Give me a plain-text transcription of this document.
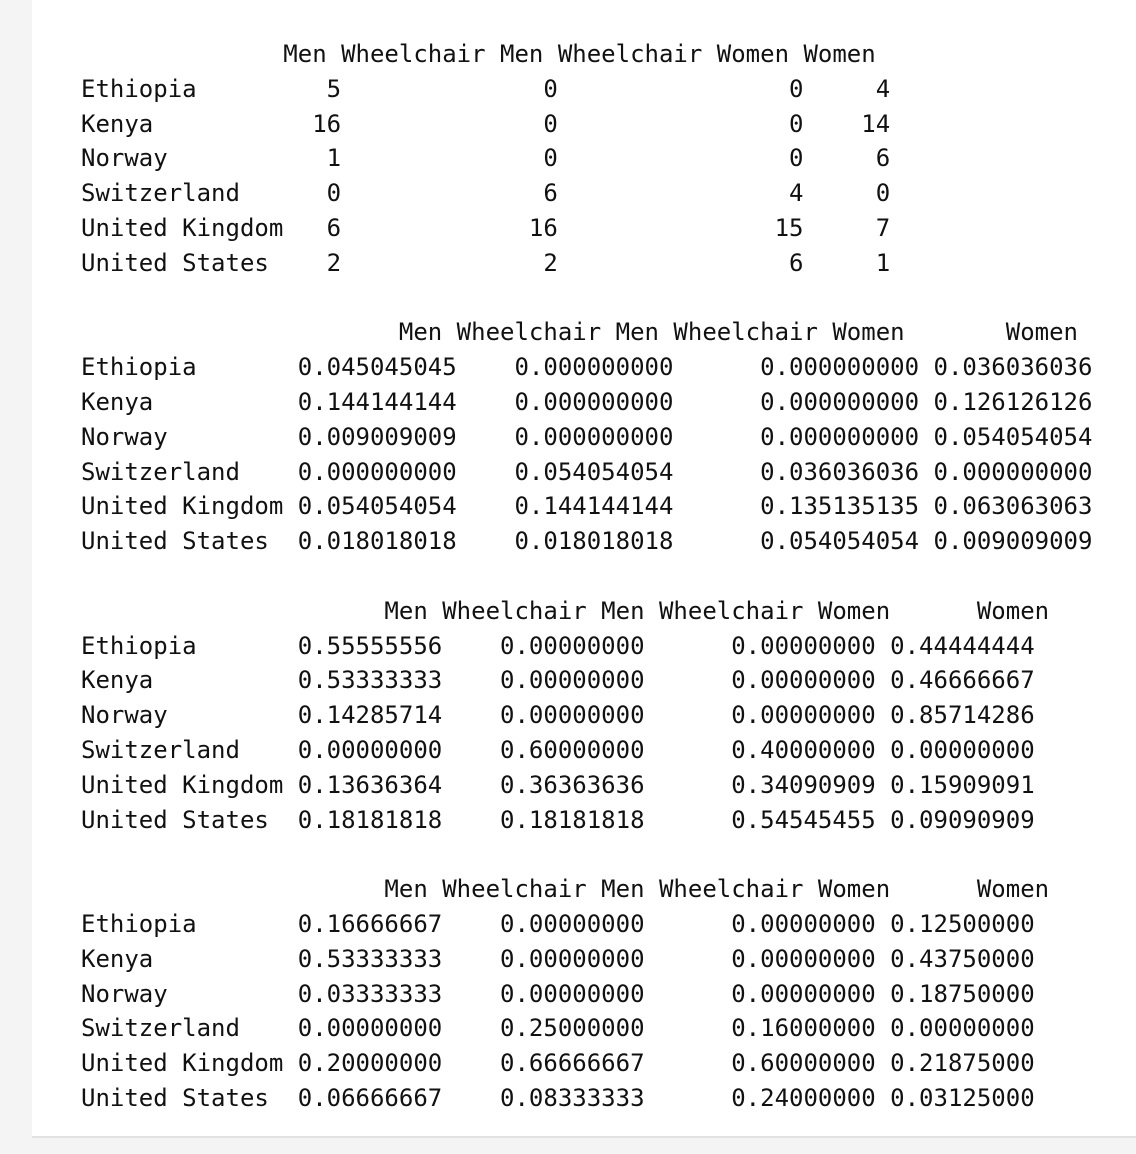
Men Wheelchair Men Wheelchair Women Women
Ethiopia         5              0                0     4
Kenya           16              0                0    14
Norway           1              0                0     6
Switzerland      0              6                4     0
United Kingdom   6             16               15     7
United States    2              2                6     1
Men Wheelchair Men Wheelchair Women       Women
Ethiopia       0.045045045    0.000000000      0.000000000 0.036036036
Kenya          0.144144144    0.000000000      0.000000000 0.126126126
Norway         0.009009009    0.000000000      0.000000000 0.054054054
Switzerland    0.000000000    0.054054054      0.036036036 0.000000000
United Kingdom 0.054054054    0.144144144      0.135135135 0.063063063
United States  0.018018018    0.018018018      0.054054054 0.009009009
Men Wheelchair Men Wheelchair Women      Women
Ethiopia       0.55555556    0.00000000      0.00000000 0.44444444
Kenya          0.53333333    0.00000000      0.00000000 0.46666667
Norway         0.14285714    0.00000000      0.00000000 0.85714286
Switzerland    0.00000000    0.60000000      0.40000000 0.00000000
United Kingdom 0.13636364    0.36363636      0.34090909 0.15909091
United States  0.18181818    0.18181818      0.54545455 0.09090909
Men Wheelchair Men Wheelchair Women      Women
Ethiopia       0.16666667    0.00000000      0.00000000 0.12500000
Kenya          0.53333333    0.00000000      0.00000000 0.43750000
Norway         0.03333333    0.00000000      0.00000000 0.18750000
Switzerland    0.00000000    0.25000000      0.16000000 0.00000000
United Kingdom 0.20000000    0.66666667      0.60000000 0.21875000
United States  0.06666667    0.08333333      0.24000000 0.03125000
